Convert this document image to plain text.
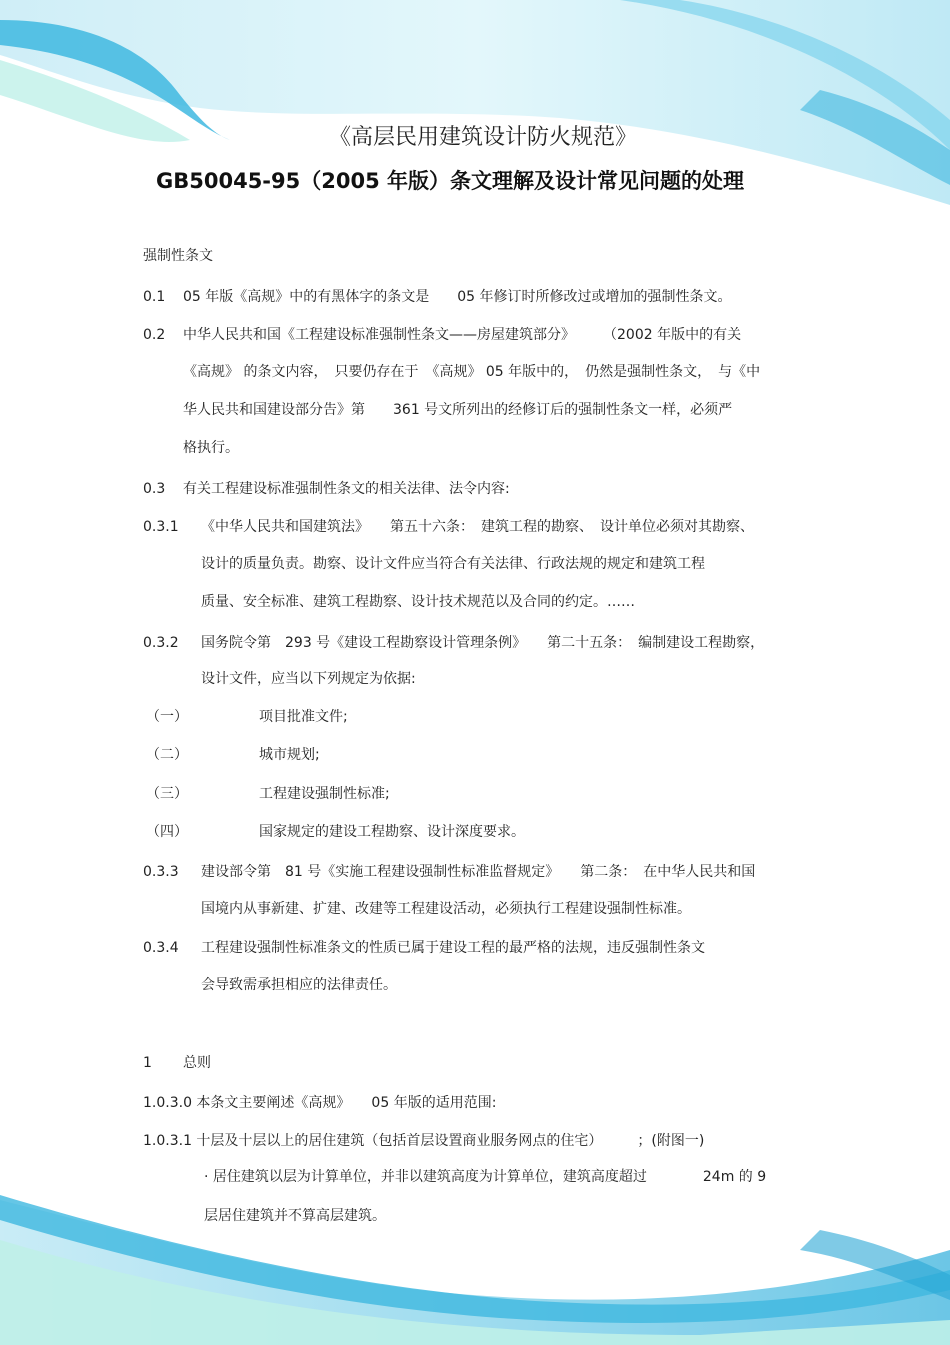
《高层民用建筑设计防火规范》
GB50045-95（2005 年版）条文理解及设计常见问题的处理
强制性条文
0.1 05 年版《高规》中的有黑体字的条文是　　05 年修订时所修改过或增加的强制性条文。
0.2 中华人民共和国《工程建设标准强制性条文——房屋建筑部分》　　　（2002 年版中的有关
《高规》 的条文内容，　只要仍存在于　《高规》 05 年版中的，　仍然是强制性条文，　与《中
华人民共和国建设部分告》第　　361 号文所列出的经修订后的强制性条文一样，必须严
格执行。
0.3 有关工程建设标准强制性条文的相关法律、法令内容:
0.3.1 《中华人民共和国建筑法》　　第五十六条：　建筑工程的勘察、　设计单位必须对其勘察、
设计的质量负责。勘察、设计文件应当符合有关法律、行政法规的规定和建筑工程
质量、安全标准、建筑工程勘察、设计技术规范以及合同的约定。……
0.3.2 国务院令第　293 号《建设工程勘察设计管理条例》　　第二十五条：　编制建设工程勘察，
设计文件，应当以下列规定为依据:
（一）	项目批准文件;
（二）	城市规划;
（三）	工程建设强制性标准;
（四）	国家规定的建设工程勘察、设计深度要求。
0.3.3 建设部令第　81 号《实施工程建设强制性标准监督规定》　　第二条：　在中华人民共和国
国境内从事新建、扩建、改建等工程建设活动，必须执行工程建设强制性标准。
0.3.4 工程建设强制性标准条文的性质已属于建设工程的最严格的法规，违反强制性条文
会导致需承担相应的法律责任。
1 总则
1.0.3.0 本条文主要阐述《高规》　　05 年版的适用范围:
1.0.3.1 十层及十层以上的居住建筑（包括首层设置商业服务网点的住宅）　　　；(附图一)
· 居住建筑以层为计算单位，并非以建筑高度为计算单位，建筑高度超过　　　　24m 的 9
层居住建筑并不算高层建筑。
